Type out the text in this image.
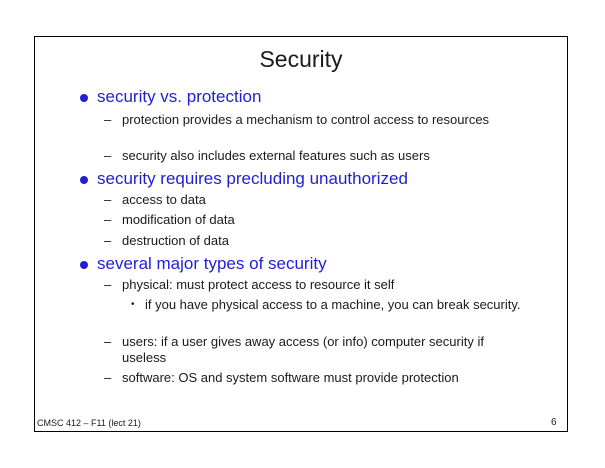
Security
security vs. protection
– protection provides a mechanism to control access to resources
– security also includes external features such as users
security requires precluding unauthorized
– access to data
– modification of data
– destruction of data
several major types of security
– physical: must protect access to resource it self
• if you have physical access to a machine, you can break security.
– users: if a user gives away access (or info) computer security if useless
– software: OS and system software must provide protection
CMSC 412 – F11 (lect 21)	6
